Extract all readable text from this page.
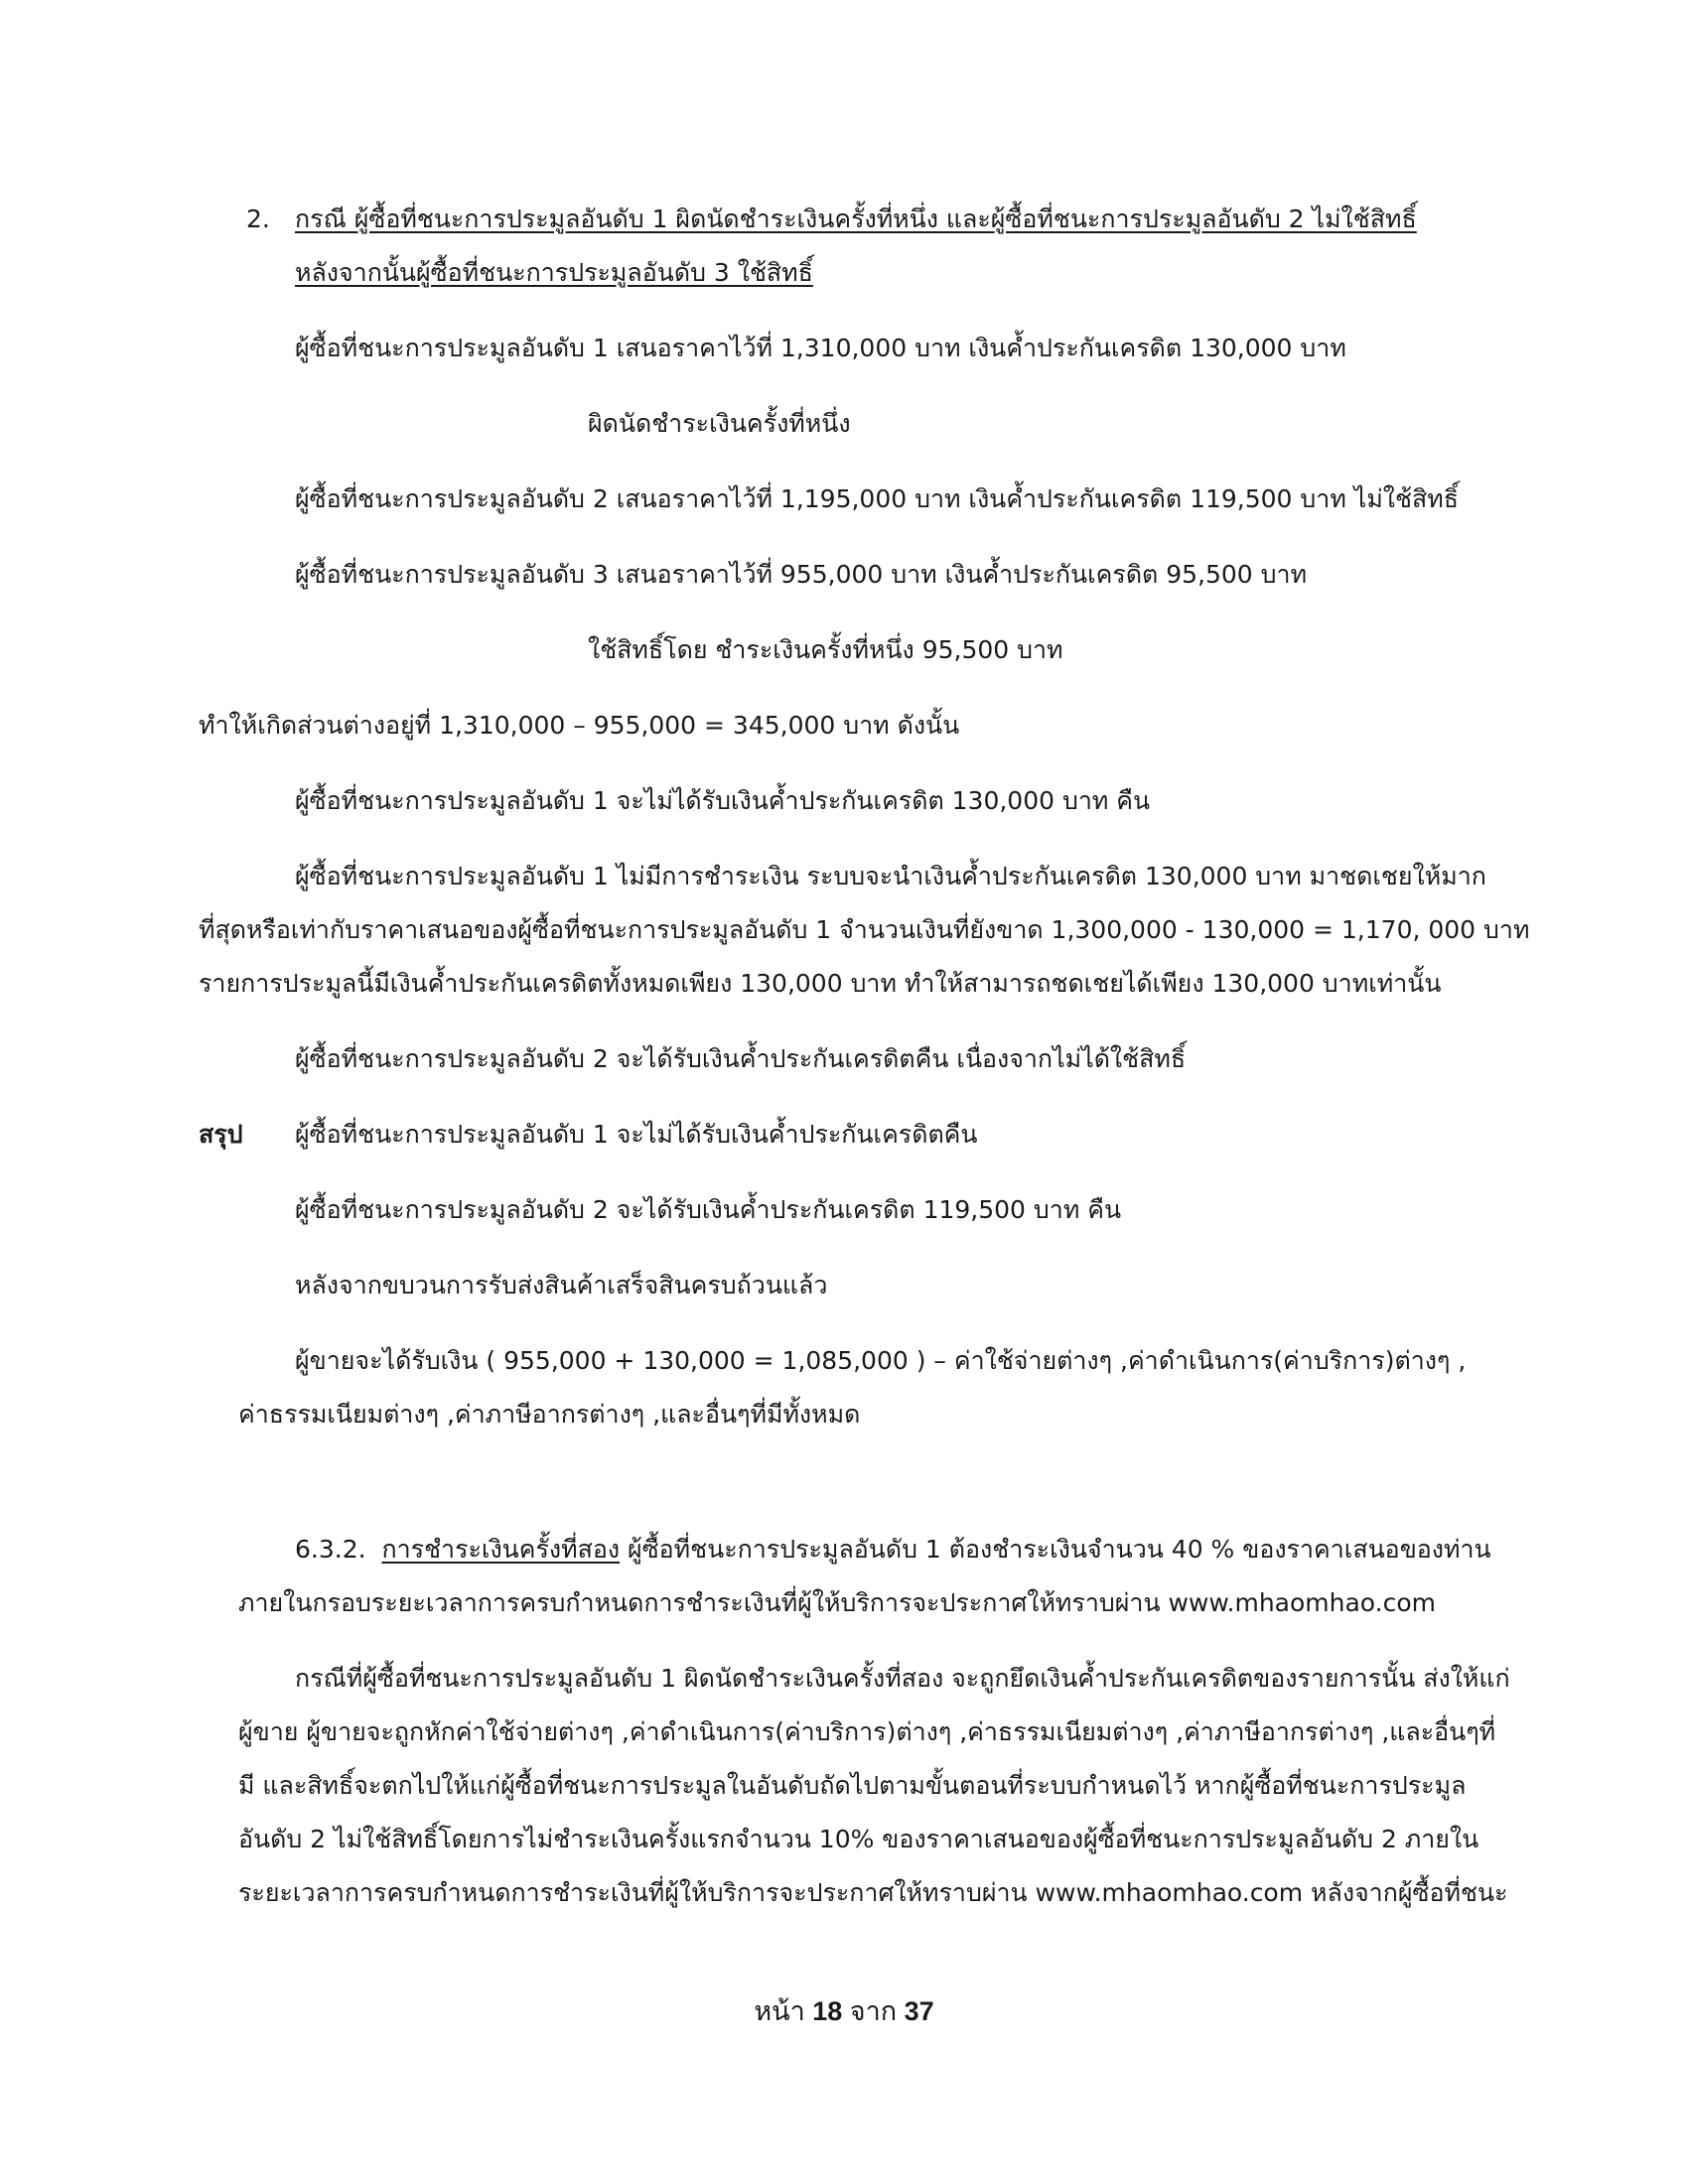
2. กรณี ผู้ซื้อที่ชนะการประมูลอันดับ 1 ผิดนัดชำระเงินครั้งที่หนึ่ง และผู้ซื้อที่ชนะการประมูลอันดับ 2 ไม่ใช้สิทธิ์
หลังจากนั้นผู้ซื้อที่ชนะการประมูลอันดับ 3 ใช้สิทธิ์
ผู้ซื้อที่ชนะการประมูลอันดับ 1 เสนอราคาไว้ที่ 1,310,000 บาท เงินค้ำประกันเครดิต 130,000 บาท
ผิดนัดชำระเงินครั้งที่หนึ่ง
ผู้ซื้อที่ชนะการประมูลอันดับ 2 เสนอราคาไว้ที่ 1,195,000 บาท เงินค้ำประกันเครดิต 119,500 บาท ไม่ใช้สิทธิ์
ผู้ซื้อที่ชนะการประมูลอันดับ 3 เสนอราคาไว้ที่ 955,000 บาท เงินค้ำประกันเครดิต 95,500 บาท
ใช้สิทธิ์โดย ชำระเงินครั้งที่หนึ่ง 95,500 บาท
ทำให้เกิดส่วนต่างอยู่ที่ 1,310,000 – 955,000 = 345,000 บาท ดังนั้น
ผู้ซื้อที่ชนะการประมูลอันดับ 1 จะไม่ได้รับเงินค้ำประกันเครดิต 130,000 บาท คืน
ผู้ซื้อที่ชนะการประมูลอันดับ 1 ไม่มีการชำระเงิน ระบบจะนำเงินค้ำประกันเครดิต 130,000 บาท มาชดเชยให้มาก
ที่สุดหรือเท่ากับราคาเสนอของผู้ซื้อที่ชนะการประมูลอันดับ 1 จำนวนเงินที่ยังขาด 1,300,000 - 130,000 = 1,170, 000 บาท
รายการประมูลนี้มีเงินค้ำประกันเครดิตทั้งหมดเพียง 130,000 บาท ทำให้สามารถชดเชยได้เพียง 130,000 บาทเท่านั้น
ผู้ซื้อที่ชนะการประมูลอันดับ 2 จะได้รับเงินค้ำประกันเครดิตคืน เนื่องจากไม่ได้ใช้สิทธิ์
สรุป ผู้ซื้อที่ชนะการประมูลอันดับ 1 จะไม่ได้รับเงินค้ำประกันเครดิตคืน
ผู้ซื้อที่ชนะการประมูลอันดับ 2 จะได้รับเงินค้ำประกันเครดิต 119,500 บาท คืน
หลังจากขบวนการรับส่งสินค้าเสร็จสินครบถ้วนแล้ว
ผู้ขายจะได้รับเงิน ( 955,000 + 130,000 = 1,085,000 ) – ค่าใช้จ่ายต่างๆ ,ค่าดำเนินการ(ค่าบริการ)ต่างๆ ,
ค่าธรรมเนียมต่างๆ ,ค่าภาษีอากรต่างๆ ,และอื่นๆที่มีทั้งหมด
6.3.2. การชำระเงินครั้งที่สอง ผู้ซื้อที่ชนะการประมูลอันดับ 1 ต้องชำระเงินจำนวน 40 % ของราคาเสนอของท่าน
ภายในกรอบระยะเวลาการครบกำหนดการชำระเงินที่ผู้ให้บริการจะประกาศให้ทราบผ่าน www.mhaomhao.com
กรณีที่ผู้ซื้อที่ชนะการประมูลอันดับ 1 ผิดนัดชำระเงินครั้งที่สอง จะถูกยึดเงินค้ำประกันเครดิตของรายการนั้น ส่งให้แก่
ผู้ขาย ผู้ขายจะถูกหักค่าใช้จ่ายต่างๆ ,ค่าดำเนินการ(ค่าบริการ)ต่างๆ ,ค่าธรรมเนียมต่างๆ ,ค่าภาษีอากรต่างๆ ,และอื่นๆที่
มี และสิทธิ์จะตกไปให้แก่ผู้ซื้อที่ชนะการประมูลในอันดับถัดไปตามขั้นตอนที่ระบบกำหนดไว้ หากผู้ซื้อที่ชนะการประมูล
อันดับ 2 ไม่ใช้สิทธิ์โดยการไม่ชำระเงินครั้งแรกจำนวน 10% ของราคาเสนอของผู้ซื้อที่ชนะการประมูลอันดับ 2 ภายใน
ระยะเวลาการครบกำหนดการชำระเงินที่ผู้ให้บริการจะประกาศให้ทราบผ่าน www.mhaomhao.com หลังจากผู้ซื้อที่ชนะ
หน้า 18 จาก 37
